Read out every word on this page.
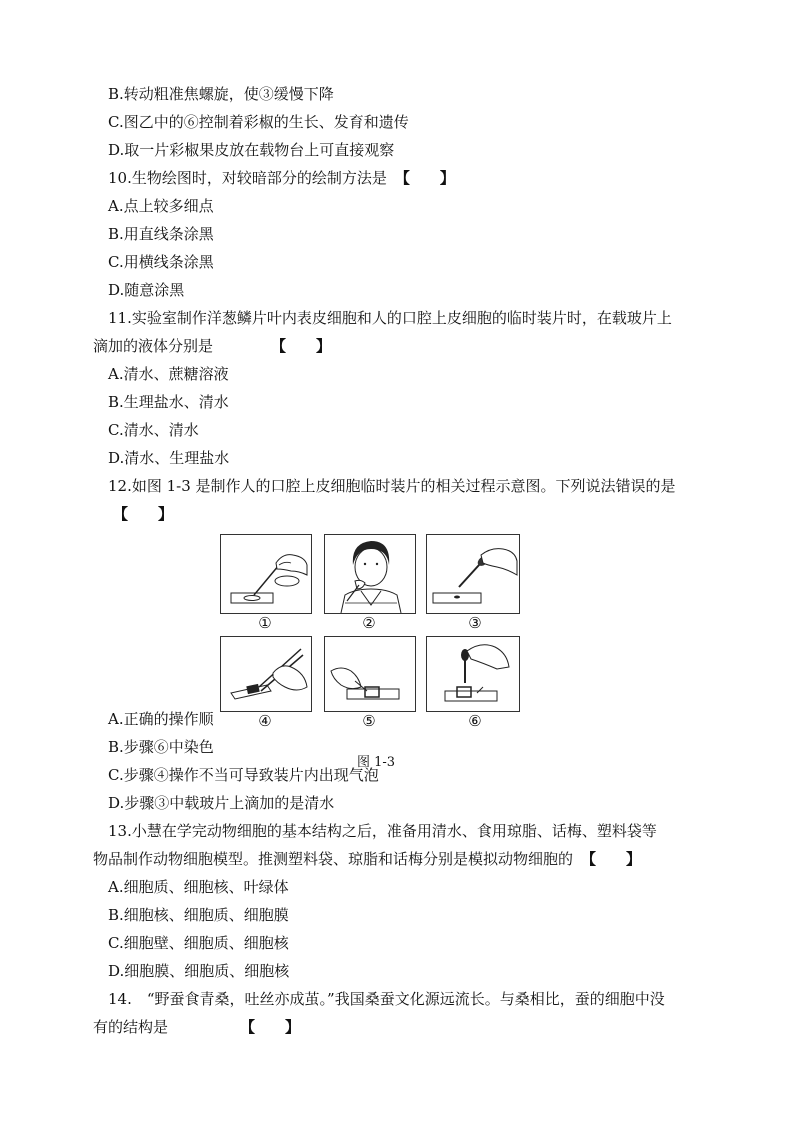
B.转动粗准焦螺旋，使③缓慢下降
C.图乙中的⑥控制着彩椒的生长、发育和遗传
D.取一片彩椒果皮放在载物台上可直接观察
10.生物绘图时，对较暗部分的绘制方法是 【　　】
A.点上较多细点
B.用直线条涂黑
C.用横线条涂黑
D.随意涂黑
11.实验室制作洋葱鳞片叶内表皮细胞和人的口腔上皮细胞的临时装片时，在载玻片上
滴加的液体分别是	【　　】
A.清水、蔗糖溶液
B.生理盐水、清水
C.清水、清水
D.清水、生理盐水
12.如图 1-3 是制作人的口腔上皮细胞临时装片的相关过程示意图。下列说法错误的是
【　　】
A.正确的操作顺
B.步骤⑥中染色
C.步骤④操作不当可导致装片内出现气泡
D.步骤③中载玻片上滴加的是清水
①	②	③
④	⑤	⑥
图 1-3
13.小慧在学完动物细胞的基本结构之后，准备用清水、食用琼脂、话梅、塑料袋等
物品制作动物细胞模型。推测塑料袋、琼脂和话梅分别是模拟动物细胞的 【　　】
A.细胞质、细胞核、叶绿体
B.细胞核、细胞质、细胞膜
C.细胞壁、细胞质、细胞核
D.细胞膜、细胞质、细胞核
14.　“野蚕食青桑，吐丝亦成茧。”我国桑蚕文化源远流长。与桑相比，蚕的细胞中没
有的结构是	【　　】
